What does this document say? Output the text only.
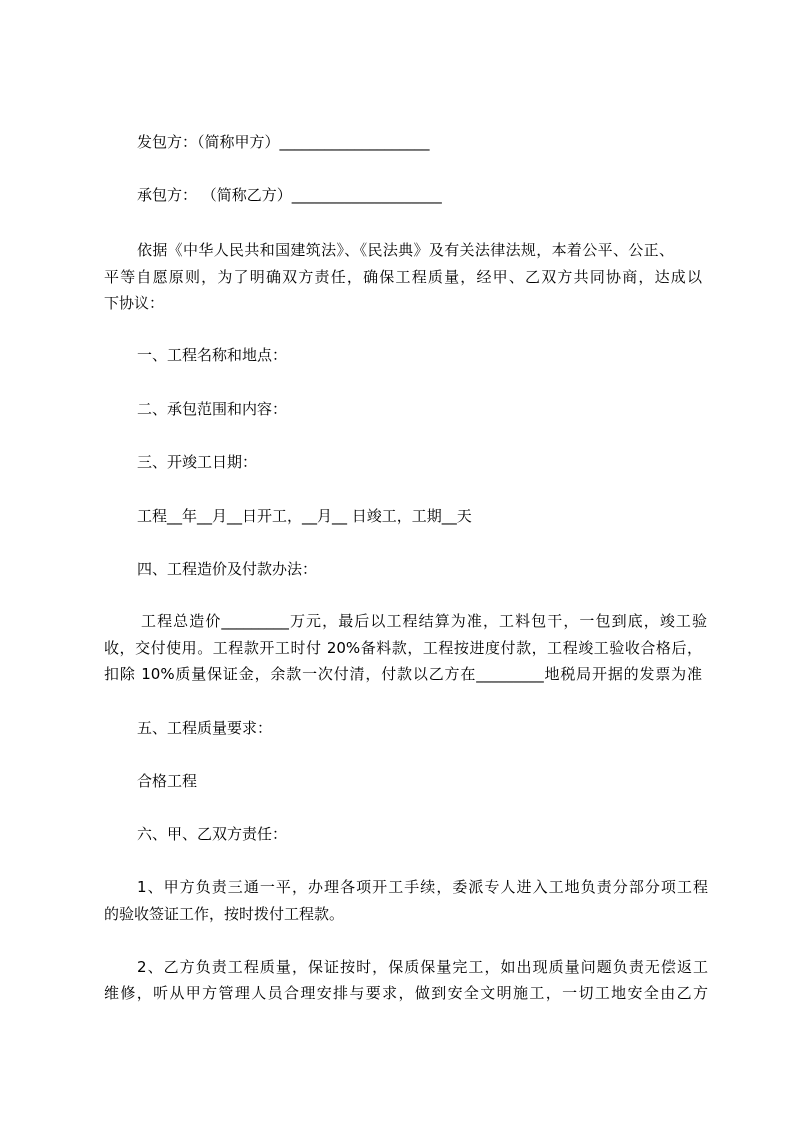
发包方：（简称甲方）____________________
承包方： （简称乙方）____________________
依据《中华人民共和国建筑法》、《民法典》及有关法律法规，本着公平、公正、
平等自愿原则，为了明确双方责任，确保工程质量，经甲、乙双方共同协商，达成以
下协议：
一、工程名称和地点：
二、承包范围和内容：
三、开竣工日期：
工程__年__月__日开工，__月__ 日竣工，工期__天
四、工程造价及付款办法：
工程总造价_________万元，最后以工程结算为准，工料包干，一包到底，竣工验
收，交付使用。工程款开工时付 20%备料款，工程按进度付款，工程竣工验收合格后，
扣除 10%质量保证金，余款一次付清，付款以乙方在_________地税局开据的发票为准
五、工程质量要求：
合格工程
六、甲、乙双方责任：
1、甲方负责三通一平，办理各项开工手续，委派专人进入工地负责分部分项工程
的验收签证工作，按时拨付工程款。
2、乙方负责工程质量，保证按时，保质保量完工，如出现质量问题负责无偿返工
维修，听从甲方管理人员合理安排与要求，做到安全文明施工，一切工地安全由乙方
